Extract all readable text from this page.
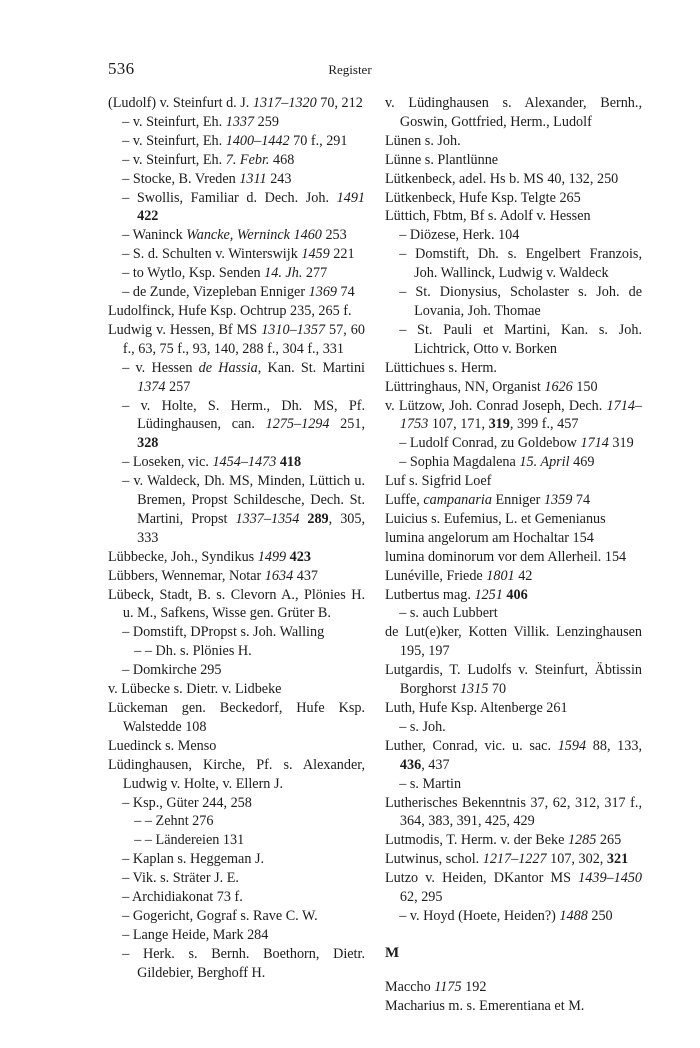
536	Register

(Ludolf) v. Steinfurt d. J. 1317–1320 70, 212

– v. Steinfurt, Eh. 1337 259

– v. Steinfurt, Eh. 1400–1442 70 f., 291

– v. Steinfurt, Eh. 7. Febr. 468

– Stocke, B. Vreden 1311 243

– Swollis, Familiar d. Dech. Joh. 1491 422

– Waninck Wancke, Werninck 1460 253

– S. d. Schulten v. Winterswijk 1459 221

– to Wytlo, Ksp. Senden 14. Jh. 277

– de Zunde, Vizepleban Enniger 1369 74

Ludolfinck, Hufe Ksp. Ochtrup 235, 265 f.

Ludwig v. Hessen, Bf MS 1310–1357 57, 60 f., 63, 75 f., 93, 140, 288 f., 304 f., 331

– v. Hessen de Hassia, Kan. St. Martini 1374 257

– v. Holte, S. Herm., Dh. MS, Pf. Lüdinghausen, can. 1275–1294 251, 328

– Loseken, vic. 1454–1473 418

– v. Waldeck, Dh. MS, Minden, Lüttich u. Bremen, Propst Schildesche, Dech. St. Martini, Propst 1337–1354 289, 305, 333

Lübbecke, Joh., Syndikus 1499 423

Lübbers, Wennemar, Notar 1634 437

Lübeck, Stadt, B. s. Clevorn A., Plönies H. u. M., Safkens, Wisse gen. Grüter B.

– Domstift, DPropst s. Joh. Walling

– – Dh. s. Plönies H.

– Domkirche 295

v. Lübecke s. Dietr. v. Lidbeke

Lückeman gen. Beckedorf, Hufe Ksp. Walstedde 108

Luedinck s. Menso

Lüdinghausen, Kirche, Pf. s. Alexander, Ludwig v. Holte, v. Ellern J.

– Ksp., Güter 244, 258

– – Zehnt 276

– – Ländereien 131

– Kaplan s. Heggeman J.

– Vik. s. Sträter J. E.

– Archidiakonat 73 f.

– Gogericht, Gograf s. Rave C. W.

– Lange Heide, Mark 284

– Herk. s. Bernh. Boethorn, Dietr. Gildebier, Berghoff H.

v. Lüdinghausen s. Alexander, Bernh., Goswin, Gottfried, Herm., Ludolf

Lünen s. Joh.

Lünne s. Plantlünne

Lütkenbeck, adel. Hs b. MS 40, 132, 250

Lütkenbeck, Hufe Ksp. Telgte 265

Lüttich, Fbtm, Bf s. Adolf v. Hessen

– Diözese, Herk. 104

– Domstift, Dh. s. Engelbert Franzois, Joh. Wallinck, Ludwig v. Waldeck

– St. Dionysius, Scholaster s. Joh. de Lovania, Joh. Thomae

– St. Pauli et Martini, Kan. s. Joh. Lichtrick, Otto v. Borken

Lüttichues s. Herm.

Lüttringhaus, NN, Organist 1626 150

v. Lützow, Joh. Conrad Joseph, Dech. 1714–1753 107, 171, 319, 399 f., 457

– Ludolf Conrad, zu Goldebow 1714 319

– Sophia Magdalena 15. April 469

Luf s. Sigfrid Loef

Luffe, campanaria Enniger 1359 74

Luicius s. Eufemius, L. et Gemenianus

lumina angelorum am Hochaltar 154

lumina dominorum vor dem Allerheil. 154

Lunéville, Friede 1801 42

Lutbertus mag. 1251 406

– s. auch Lubbert

de Lut(e)ker, Kotten Villik. Lenzinghausen 195, 197

Lutgardis, T. Ludolfs v. Steinfurt, Äbtissin Borghorst 1315 70

Luth, Hufe Ksp. Altenberge 261

– s. Joh.

Luther, Conrad, vic. u. sac. 1594 88, 133, 436, 437

– s. Martin

Lutherisches Bekenntnis 37, 62, 312, 317 f., 364, 383, 391, 425, 429

Lutmodis, T. Herm. v. der Beke 1285 265

Lutwinus, schol. 1217–1227 107, 302, 321

Lutzo v. Heiden, DKantor MS 1439–1450 62, 295

– v. Hoyd (Hoete, Heiden?) 1488 250

M

Maccho 1175 192

Macharius m. s. Emerentiana et M.
